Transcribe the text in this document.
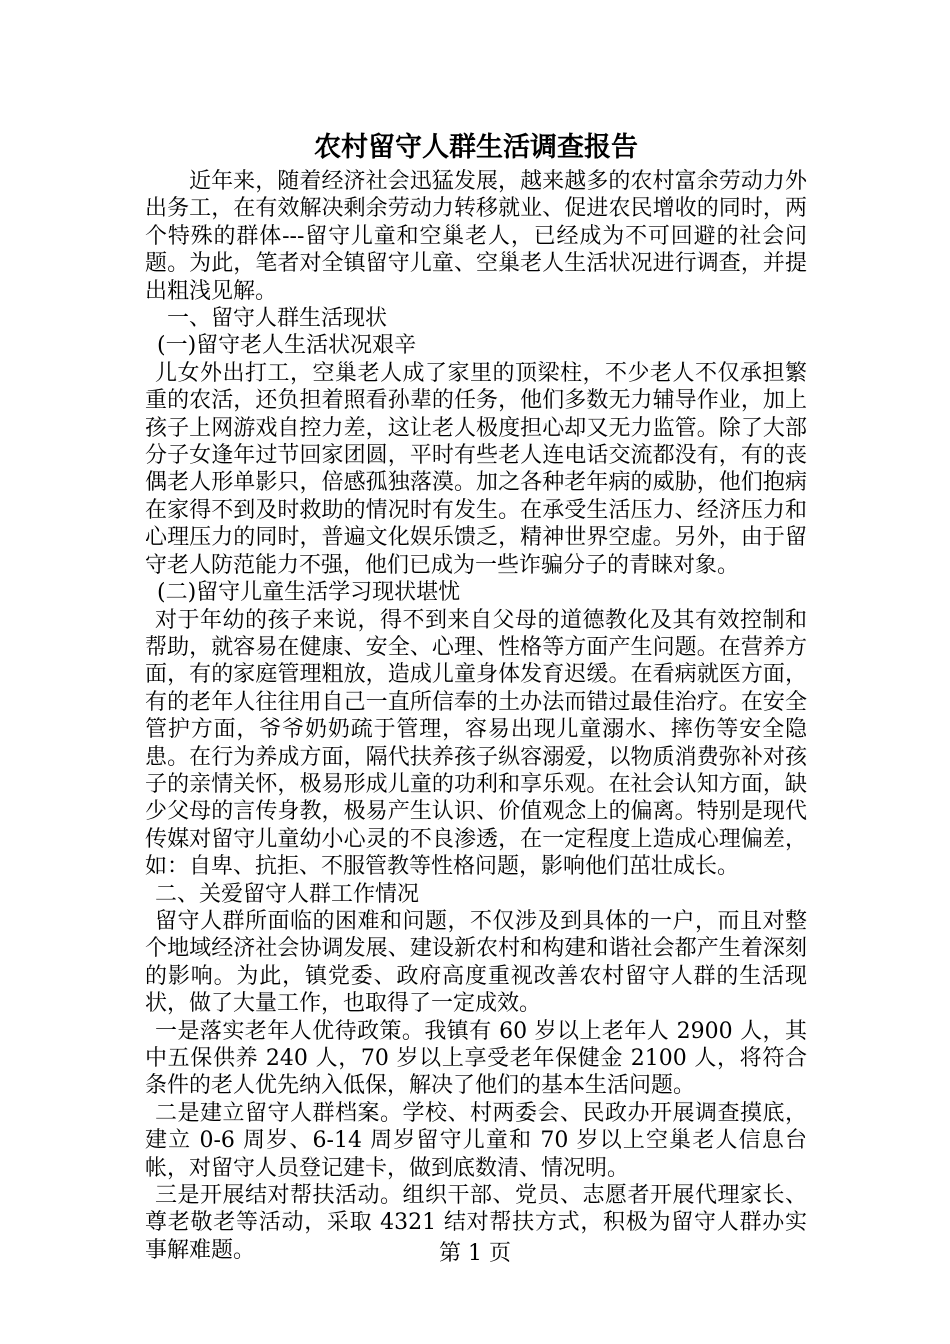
农村留守人群生活调查报告

近年来，随着经济社会迅猛发展，越来越多的农村富余劳动力外出务工，在有效解决剩余劳动力转移就业、促进农民增收的同时，两个特殊的群体---留守儿童和空巢老人，已经成为不可回避的社会问题。为此，笔者对全镇留守儿童、空巢老人生活状况进行调查，并提出粗浅见解。

一、留守人群生活现状

(一)留守老人生活状况艰辛

儿女外出打工，空巢老人成了家里的顶梁柱，不少老人不仅承担繁重的农活，还负担着照看孙辈的任务，他们多数无力辅导作业，加上孩子上网游戏自控力差，这让老人极度担心却又无力监管。除了大部分子女逢年过节回家团圆，平时有些老人连电话交流都没有，有的丧偶老人形单影只，倍感孤独落漠。加之各种老年病的威胁，他们抱病在家得不到及时救助的情况时有发生。在承受生活压力、经济压力和心理压力的同时，普遍文化娱乐馈乏，精神世界空虚。另外，由于留守老人防范能力不强，他们已成为一些诈骗分子的青睐对象。

(二)留守儿童生活学习现状堪忧

对于年幼的孩子来说，得不到来自父母的道德教化及其有效控制和帮助，就容易在健康、安全、心理、性格等方面产生问题。在营养方面，有的家庭管理粗放，造成儿童身体发育迟缓。在看病就医方面，有的老年人往往用自己一直所信奉的土办法而错过最佳治疗。在安全管护方面，爷爷奶奶疏于管理，容易出现儿童溺水、摔伤等安全隐患。在行为养成方面，隔代扶养孩子纵容溺爱，以物质消费弥补对孩子的亲情关怀，极易形成儿童的功利和享乐观。在社会认知方面，缺少父母的言传身教，极易产生认识、价值观念上的偏离。特别是现代传媒对留守儿童幼小心灵的不良渗透，在一定程度上造成心理偏差，如：自卑、抗拒、不服管教等性格问题，影响他们茁壮成长。

二、关爱留守人群工作情况

留守人群所面临的困难和问题，不仅涉及到具体的一户，而且对整个地域经济社会协调发展、建设新农村和构建和谐社会都产生着深刻的影响。为此，镇党委、政府高度重视改善农村留守人群的生活现状，做了大量工作，也取得了一定成效。

一是落实老年人优待政策。我镇有 60 岁以上老年人 2900 人，其中五保供养 240 人，70 岁以上享受老年保健金 2100 人，将符合条件的老人优先纳入低保，解决了他们的基本生活问题。

二是建立留守人群档案。学校、村两委会、民政办开展调查摸底，建立 0-6 周岁、6-14 周岁留守儿童和 70 岁以上空巢老人信息台帐，对留守人员登记建卡，做到底数清、情况明。

三是开展结对帮扶活动。组织干部、党员、志愿者开展代理家长、尊老敬老等活动，采取 4321 结对帮扶方式，积极为留守人群办实事解难题。	第 1 页
